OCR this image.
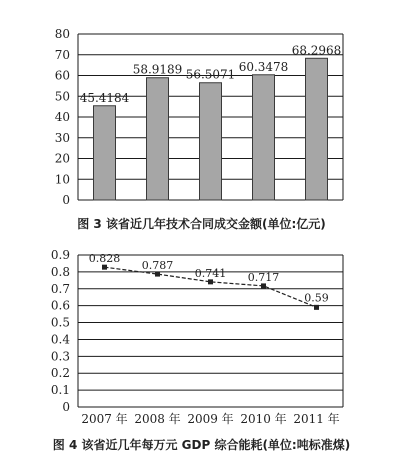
0
10
20
30
40
50
60
70
80
45.4184
58.9189 56.5071
60.3478
68.2968
图 3 该省近几年技术合同成交金额(单位:亿元)
0
0.1
0.2
0.3
0.4
0.5
0.6
0.7
0.8
0.9 0.828
0.787
0.741 0.717
0.59
2007 年 2008 年 2009 年 2010 年 2011 年
图 4 该省近几年每万元 GDP 综合能耗(单位:吨标准煤)
